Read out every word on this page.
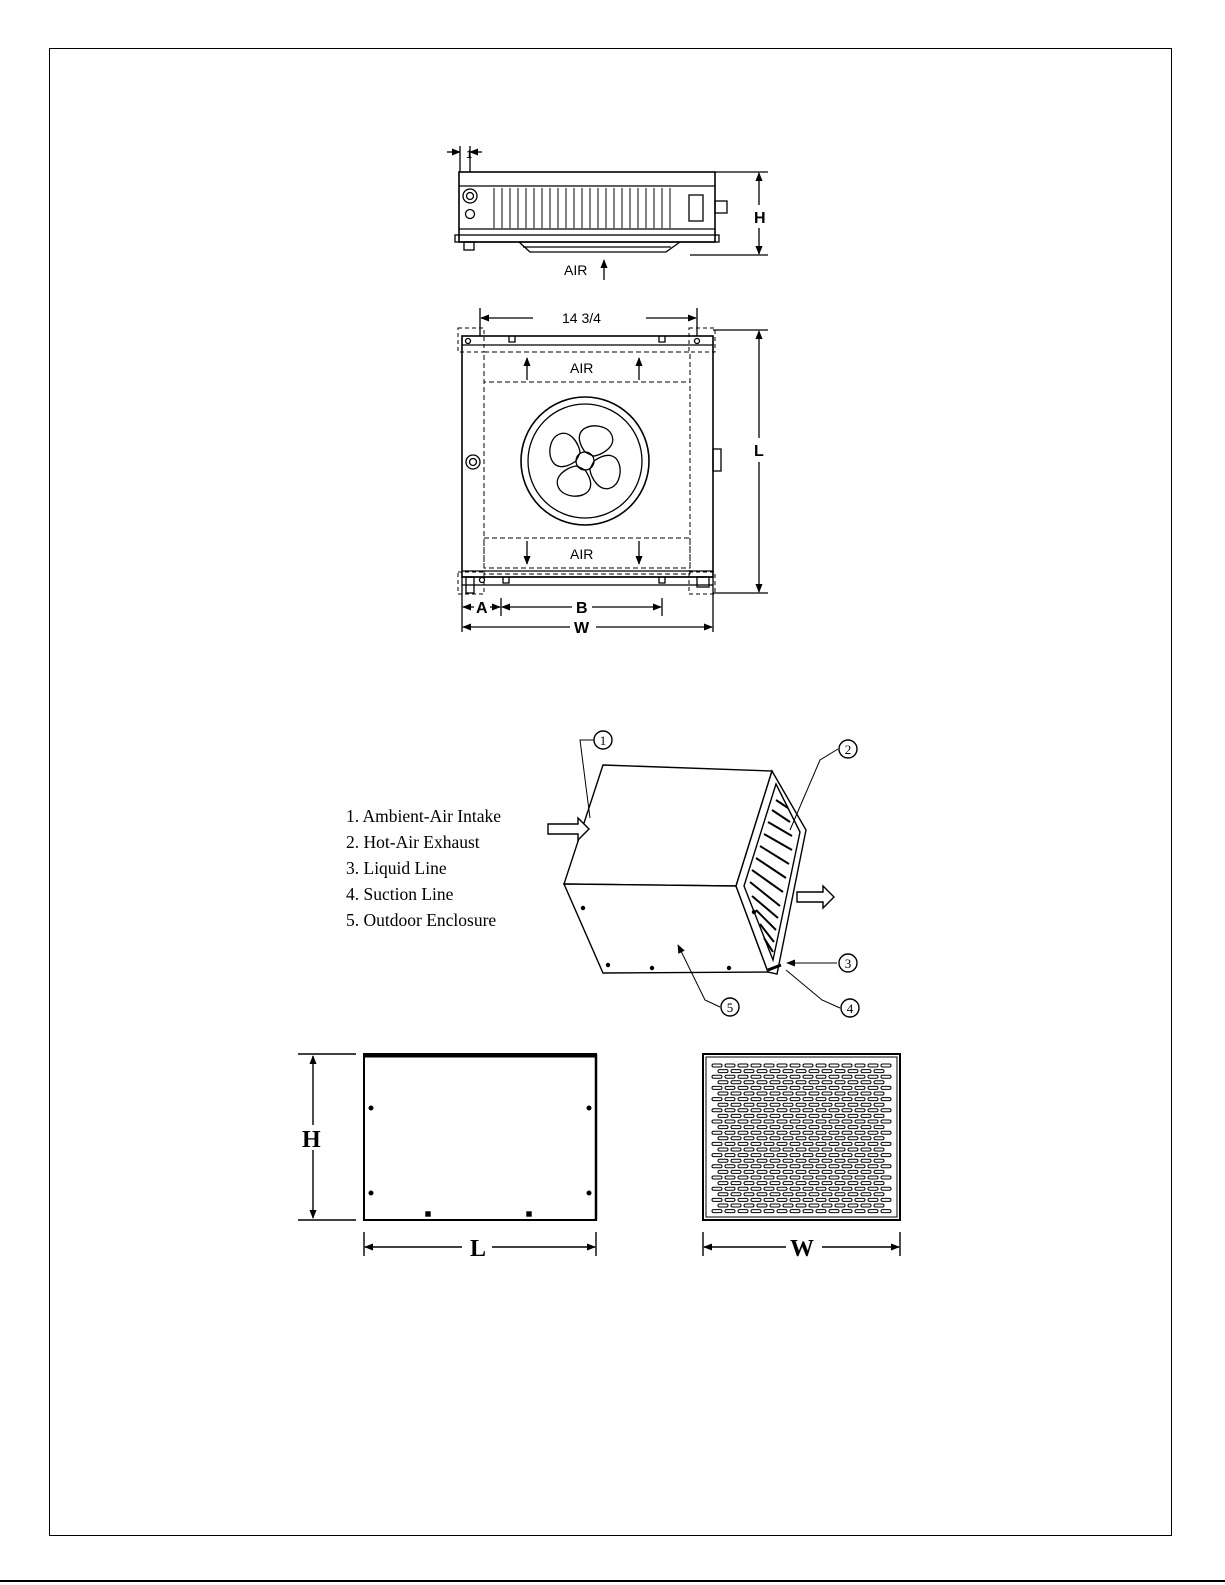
1"
H
AIR
14 3/4
AIR
AIR
L
A	B
W
1
2
3
4
5
H
L	W
1. Ambient-Air Intake
2. Hot-Air Exhaust
3. Liquid Line
4. Suction Line
5. Outdoor Enclosure
